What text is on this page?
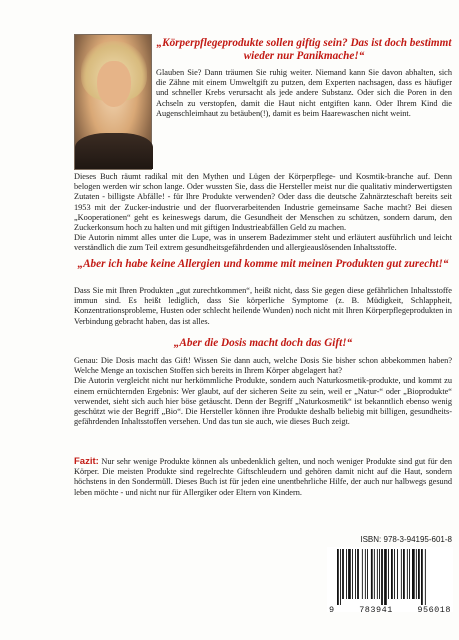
„Körperpflegeprodukte sollen giftig sein? Das ist doch bestimmt wieder nur Panikmache!“
Glauben Sie? Dann träumen Sie ruhig weiter. Niemand kann Sie davon abhalten, sich die Zähne mit einem Umweltgift zu putzen, dem Experten nachsagen, dass es häufiger und schneller Krebs verursacht als jede andere Substanz. Oder sich die Poren in den Achseln zu verstopfen, damit die Haut nicht entgiften kann. Oder Ihrem Kind die Augenschleimhaut zu betäuben(!), damit es beim Haarewaschen nicht weint.

Dieses Buch räumt radikal mit den Mythen und Lügen der Körperpflege- und Kosmtik-branche auf. Denn belogen werden wir schon lange. Oder wussten Sie, dass die Hersteller meist nur die qualitativ minderwertigsten Zutaten - billigste Abfälle! - für Ihre Produkte verwenden? Oder dass die deutsche Zahnärzteschaft bereits seit 1953 mit der Zucker-industrie und der fluorverarbeitenden Industrie gemeinsame Sache macht? Bei diesen „Kooperationen“ geht es keineswegs darum, die Gesundheit der Menschen zu schützen, sondern darum, den Zuckerkonsum hoch zu halten und mit giftigen Industrieabfällen Geld zu machen.

Die Autorin nimmt alles unter die Lupe, was in unserem Badezimmer steht und erläutert ausführlich und leicht verständlich die zum Teil extrem gesundheitsgefährdenden und allergieauslösenden Inhaltsstoffe.

„Aber ich habe keine Allergien und komme mit meinen Produkten gut zurecht!“
Dass Sie mit Ihren Produkten „gut zurechtkommen“, heißt nicht, dass Sie gegen diese gefährlichen Inhaltsstoffe immun sind. Es heißt lediglich, dass Sie körperliche Symptome (z. B. Müdigkeit, Schlappheit, Konzentrationsprobleme, Husten oder schlecht heilende Wunden) noch nicht mit Ihren Körperpflegeprodukten in Verbindung gebracht haben, das ist alles.
„Aber die Dosis macht doch das Gift!“

Genau: Die Dosis macht das Gift! Wissen Sie dann auch, welche Dosis Sie bisher schon abbekommen haben? Welche Menge an toxischen Stoffen sich bereits in Ihrem Körper abgelagert hat?

Die Autorin vergleicht nicht nur herkömmliche Produkte, sondern auch Naturkosmetik-produkte, und kommt zu einem ernüchternden Ergebnis: Wer glaubt, auf der sicheren Seite zu sein, weil er „Natur-“ oder „Bioprodukte“ verwendet, sieht sich auch hier böse getäuscht. Denn der Begriff „Naturkosmetik“ ist bekanntlich ebenso wenig geschützt wie der Begriff „Bio“. Die Hersteller können ihre Produkte deshalb beliebig mit billigen, gesundheits-gefährdenden Inhaltsstoffen versehen. Und das tun sie auch, wie dieses Buch zeigt.

Fazit: Nur sehr wenige Produkte können als unbedenklich gelten, und noch weniger Produkte sind gut für den Körper. Die meisten Produkte sind regelrechte Giftschleudern und gehören damit nicht auf die Haut, sondern höchstens in den Sondermüll. Dieses Buch ist für jeden eine unentbehrliche Hilfe, der auch nur halbwegs gesund leben möchte - und nicht nur für Allergiker oder Eltern von Kindern.
ISBN: 978-3-94195-601-8
9	783941	956018
